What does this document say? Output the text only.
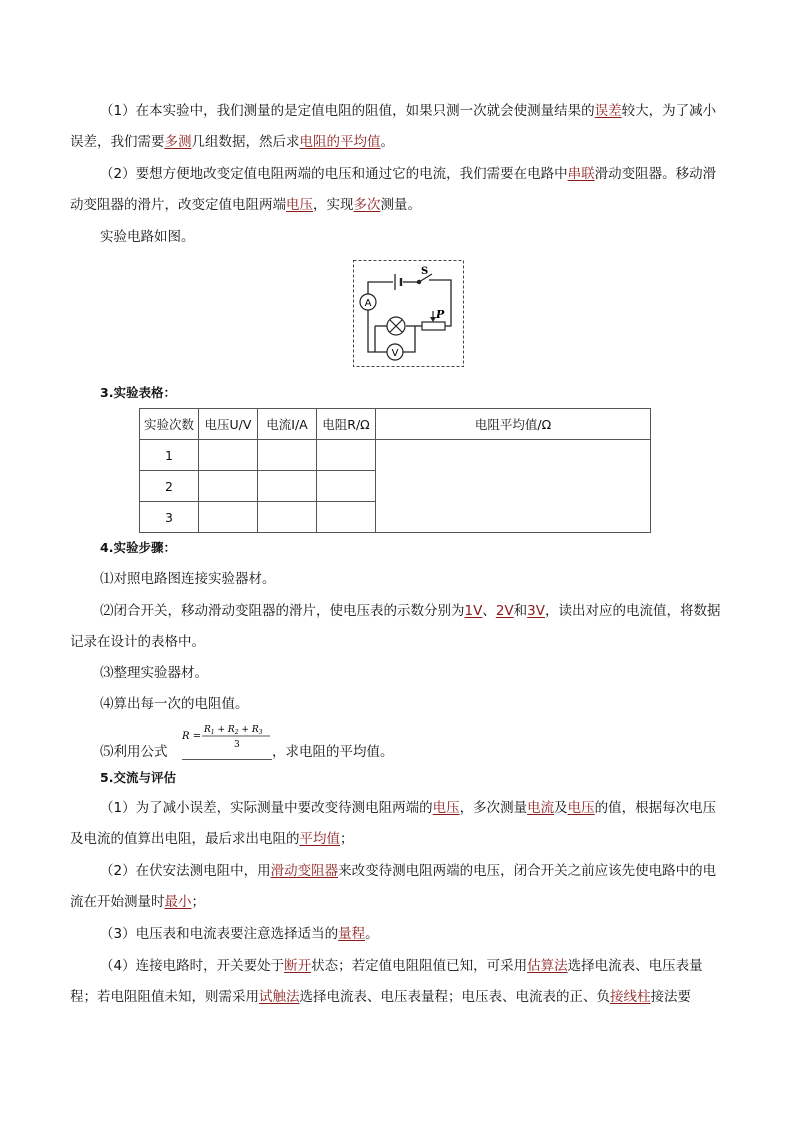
（1）在本实验中，我们测量的是定值电阻的阻值，如果只测一次就会使测量结果的误差较大，为了减小误差，我们需要多测几组数据，然后求电阻的平均值。
（2）要想方便地改变定值电阻两端的电压和通过它的电流，我们需要在电路中串联滑动变阻器。移动滑动变阻器的滑片，改变定值电阻两端电压，实现多次测量。
实验电路如图。
S
A
V
P
3.实验表格：
实验次数	电压U/V	电流I/A	电阻R/Ω	电阻平均值/Ω
1				
2				
3				
4.实验步骤：
⑴对照电路图连接实验器材。
⑵闭合开关，移动滑动变阻器的滑片，使电压表的示数分别为1V、2V和3V，读出对应的电流值，将数据记录在设计的表格中。
⑶整理实验器材。
⑷算出每一次的电阻值。
⑸利用公式
R =
$R_1 + R_2 + R_3$
3 ，求电阻的平均值。
5.交流与评估
（1）为了减小误差，实际测量中要改变待测电阻两端的电压，多次测量电流及电压的值，根据每次电压及电流的值算出电阻，最后求出电阻的平均值；
（2）在伏安法测电阻中，用滑动变阻器来改变待测电阻两端的电压，闭合开关之前应该先使电路中的电流在开始测量时最小；
（3）电压表和电流表要注意选择适当的量程。
（4）连接电路时，开关要处于断开状态；若定值电阻阻值已知，可采用估算法选择电流表、电压表量程；若电阻阻值未知，则需采用试触法选择电流表、电压表量程；电压表、电流表的正、负接线柱接法要
